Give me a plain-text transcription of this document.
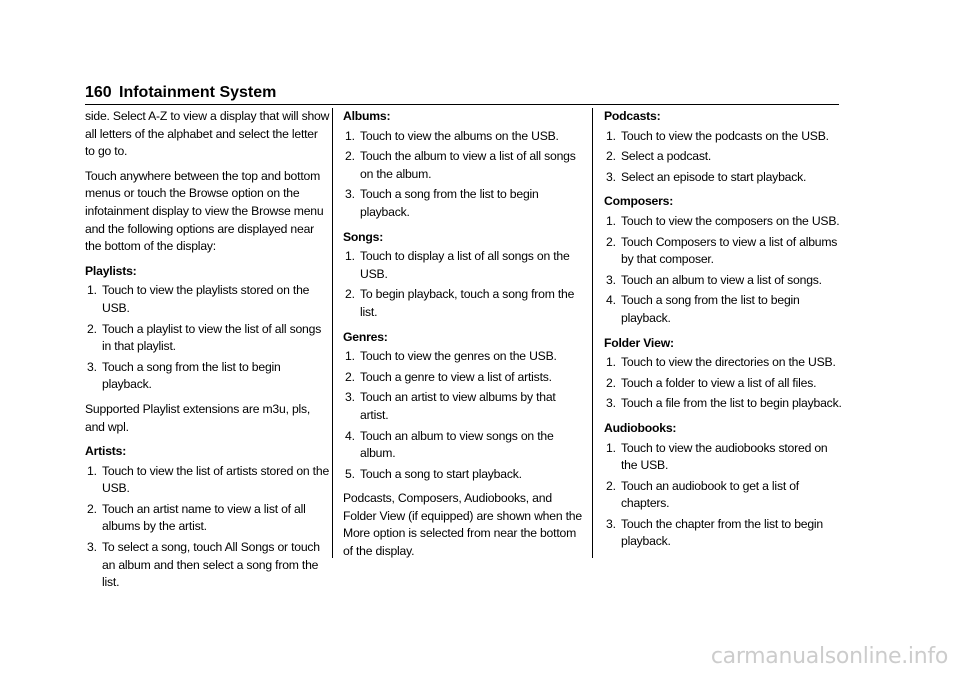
160 Infotainment System

side. Select A-Z to view a display that will show all letters of the alphabet and select the letter to go to.

Touch anywhere between the top and bottom menus or touch the Browse option on the infotainment display to view the Browse menu and the following options are displayed near the bottom of the display:

Playlists:
1. Touch to view the playlists stored on the USB.
2. Touch a playlist to view the list of all songs in that playlist.
3. Touch a song from the list to begin playback.

Supported Playlist extensions are m3u, pls, and wpl.

Artists:
1. Touch to view the list of artists stored on the USB.
2. Touch an artist name to view a list of all albums by the artist.
3. To select a song, touch All Songs or touch an album and then select a song from the list.
Albums:
1. Touch to view the albums on the USB.
2. Touch the album to view a list of all songs on the album.
3. Touch a song from the list to begin playback.
Songs:
1. Touch to display a list of all songs on the USB.
2. To begin playback, touch a song from the list.
Genres:
1. Touch to view the genres on the USB.
2. Touch a genre to view a list of artists.
3. Touch an artist to view albums by that artist.
4. Touch an album to view songs on the album.
5. Touch a song to start playback.

Podcasts, Composers, Audiobooks, and Folder View (if equipped) are shown when the More option is selected from near the bottom of the display.

Podcasts:
1. Touch to view the podcasts on the USB.
2. Select a podcast.
3. Select an episode to start playback.
Composers:
1. Touch to view the composers on the USB.
2. Touch Composers to view a list of albums by that composer.
3. Touch an album to view a list of songs.
4. Touch a song from the list to begin playback.
Folder View:
1. Touch to view the directories on the USB.
2. Touch a folder to view a list of all files.
3. Touch a file from the list to begin playback.
Audiobooks:
1. Touch to view the audiobooks stored on the USB.
2. Touch an audiobook to get a list of chapters.
3. Touch the chapter from the list to begin playback.
carmanualsonline.info
